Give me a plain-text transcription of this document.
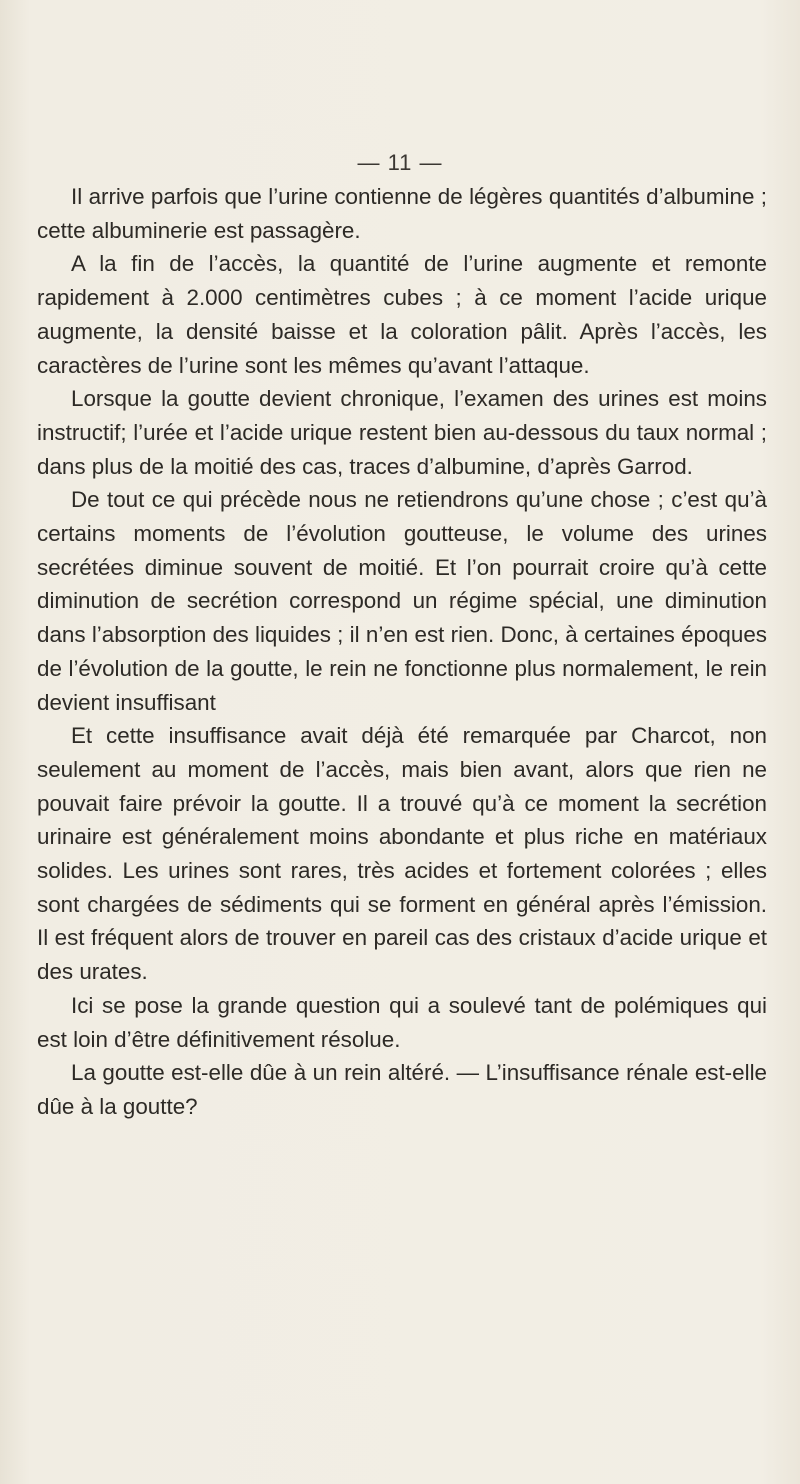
— 11 —

Il arrive parfois que l’urine contienne de légères quantités d’albumine ; cette albuminerie est passagère.

A la fin de l’accès, la quantité de l’urine augmente et remonte rapidement à 2.000 centimètres cubes ; à ce moment l’acide urique augmente, la densité baisse et la coloration pâlit. Après l’accès, les caractères de l’urine sont les mêmes qu’avant l’attaque.

Lorsque la goutte devient chronique, l’examen des urines est moins instructif; l’urée et l’acide urique restent bien au-dessous du taux normal ; dans plus de la moitié des cas, traces d’albumine, d’après Garrod.

De tout ce qui précède nous ne retiendrons qu’une chose ; c’est qu’à certains moments de l’évolution goutteuse, le volume des urines secrétées diminue souvent de moitié. Et l’on pourrait croire qu’à cette diminution de secrétion correspond un régime spécial, une diminution dans l’absorption des liquides ; il n’en est rien. Donc, à certaines époques de l’évolution de la goutte, le rein ne fonctionne plus normalement, le rein devient insuffisant

Et cette insuffisance avait déjà été remarquée par Charcot, non seulement au moment de l’accès, mais bien avant, alors que rien ne pouvait faire prévoir la goutte. Il a trouvé qu’à ce moment la secrétion urinaire est généralement moins abondante et plus riche en matériaux solides. Les urines sont rares, très acides et fortement colorées ; elles sont chargées de sédiments qui se forment en général après l’émission. Il est fréquent alors de trouver en pareil cas des cristaux d’acide urique et des urates.

Ici se pose la grande question qui a soulevé tant de polémiques qui est loin d’être définitivement résolue.

La goutte est-elle dûe à un rein altéré. — L’insuffisance rénale est-elle dûe à la goutte?
